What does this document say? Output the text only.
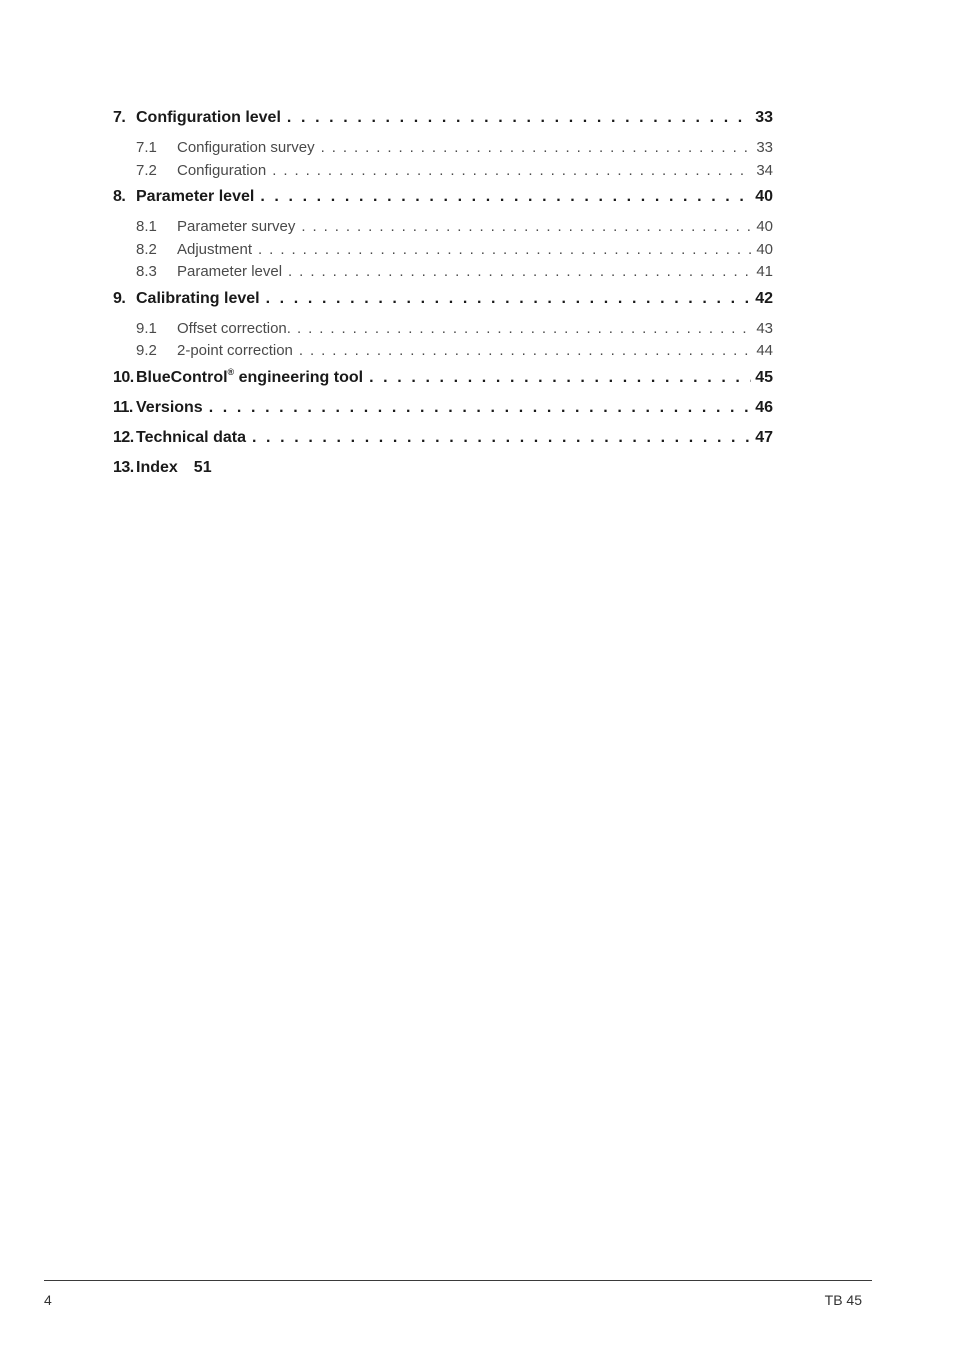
7. Configuration level . . .	33
7.1	Configuration survey . . .	33
7.2	Configuration . . .	34
8. Parameter level . . .	40
8.1	Parameter survey . . .	40
8.2	Adjustment . . .	40
8.3	Parameter level . . .	41
9. Calibrating level . . .	42
9.1	Offset correction. . . .	43
9.2	2-point correction . . .	44
10. BlueControl® engineering tool . . .	45
11. Versions . . .	46
12. Technical data . . .	47
13. Index 51
4	TB 45
